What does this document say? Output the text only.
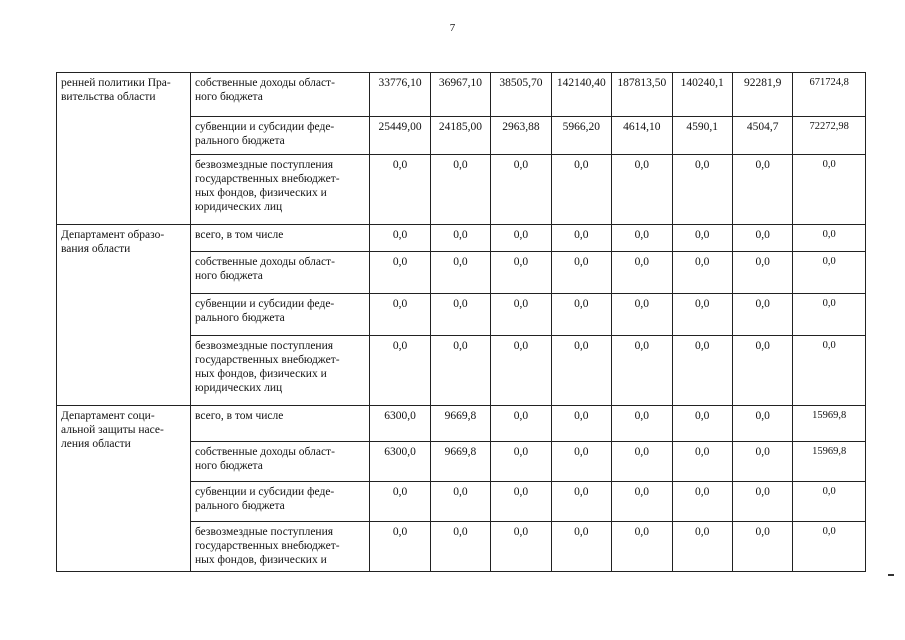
7
ренней политики Пра-
вительства области	собственные доходы област-
ного бюджета	33776,10	36967,10	38505,70	142140,40	187813,50	140240,1	92281,9	671724,8

	субвенции и субсидии феде-
рального бюджета	25449,00	24185,00	2963,88	5966,20	4614,10	4590,1	4504,7	72272,98

	безвозмездные поступления
государственных внебюджет-
ных фондов, физических и
юридических лиц	0,0	0,0	0,0	0,0	0,0	0,0	0,0	0,0

Департамент образо-
вания области	всего, в том числе	0,0	0,0	0,0	0,0	0,0	0,0	0,0	0,0

	собственные доходы област-
ного бюджета	0,0	0,0	0,0	0,0	0,0	0,0	0,0	0,0

	субвенции и субсидии феде-
рального бюджета	0,0	0,0	0,0	0,0	0,0	0,0	0,0	0,0

	безвозмездные поступления
государственных внебюджет-
ных фондов, физических и
юридических лиц	0,0	0,0	0,0	0,0	0,0	0,0	0,0	0,0

Департамент соци-
альной защиты насе-
ления области	всего, в том числе	6300,0	9669,8	0,0	0,0	0,0	0,0	0,0	15969,8

	собственные доходы област-
ного бюджета	6300,0	9669,8	0,0	0,0	0,0	0,0	0,0	15969,8

	субвенции и субсидии феде-
рального бюджета	0,0	0,0	0,0	0,0	0,0	0,0	0,0	0,0

	безвозмездные поступления
государственных внебюджет-
ных фондов, физических и	0,0	0,0	0,0	0,0	0,0	0,0	0,0	0,0
